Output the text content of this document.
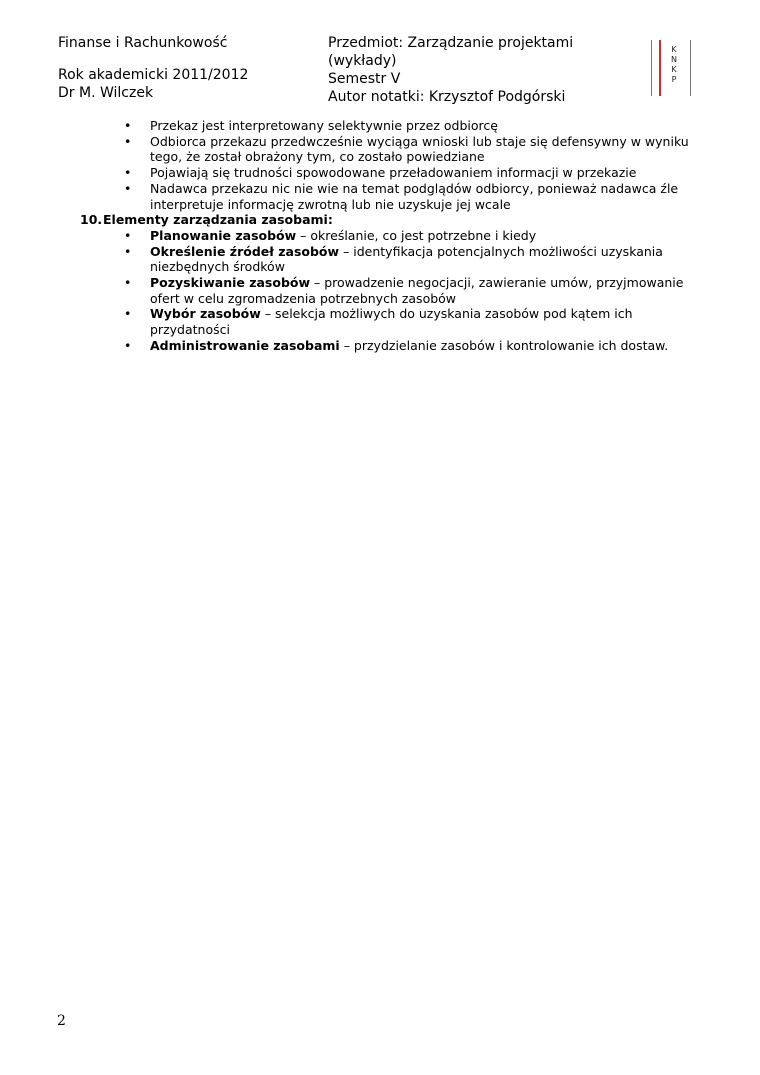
Finanse i Rachunkowość
Rok akademicki 2011/2012
Dr M. Wilczek
Przedmiot: Zarządzanie projektami
(wykłady)
Semestr V
Autor notatki: Krzysztof Podgórski
K
N
K
P
• Przekaz jest interpretowany selektywnie przez odbiorcę
• Odbiorca przekazu przedwcześnie wyciąga wnioski lub staje się defensywny w wyniku tego, że został obrażony tym, co zostało powiedziane
• Pojawiają się trudności spowodowane przeładowaniem informacji w przekazie
• Nadawca przekazu nic nie wie na temat podglądów odbiorcy, ponieważ nadawca źle interpretuje informację zwrotną lub nie uzyskuje jej wcale
10. Elementy zarządzania zasobami:
• Planowanie zasobów – określanie, co jest potrzebne i kiedy
• Określenie źródeł zasobów – identyfikacja potencjalnych możliwości uzyskania niezbędnych środków
• Pozyskiwanie zasobów – prowadzenie negocjacji, zawieranie umów, przyjmowanie ofert w celu zgromadzenia potrzebnych zasobów
• Wybór zasobów – selekcja możliwych do uzyskania zasobów pod kątem ich przydatności
• Administrowanie zasobami – przydzielanie zasobów i kontrolowanie ich dostaw.
2
